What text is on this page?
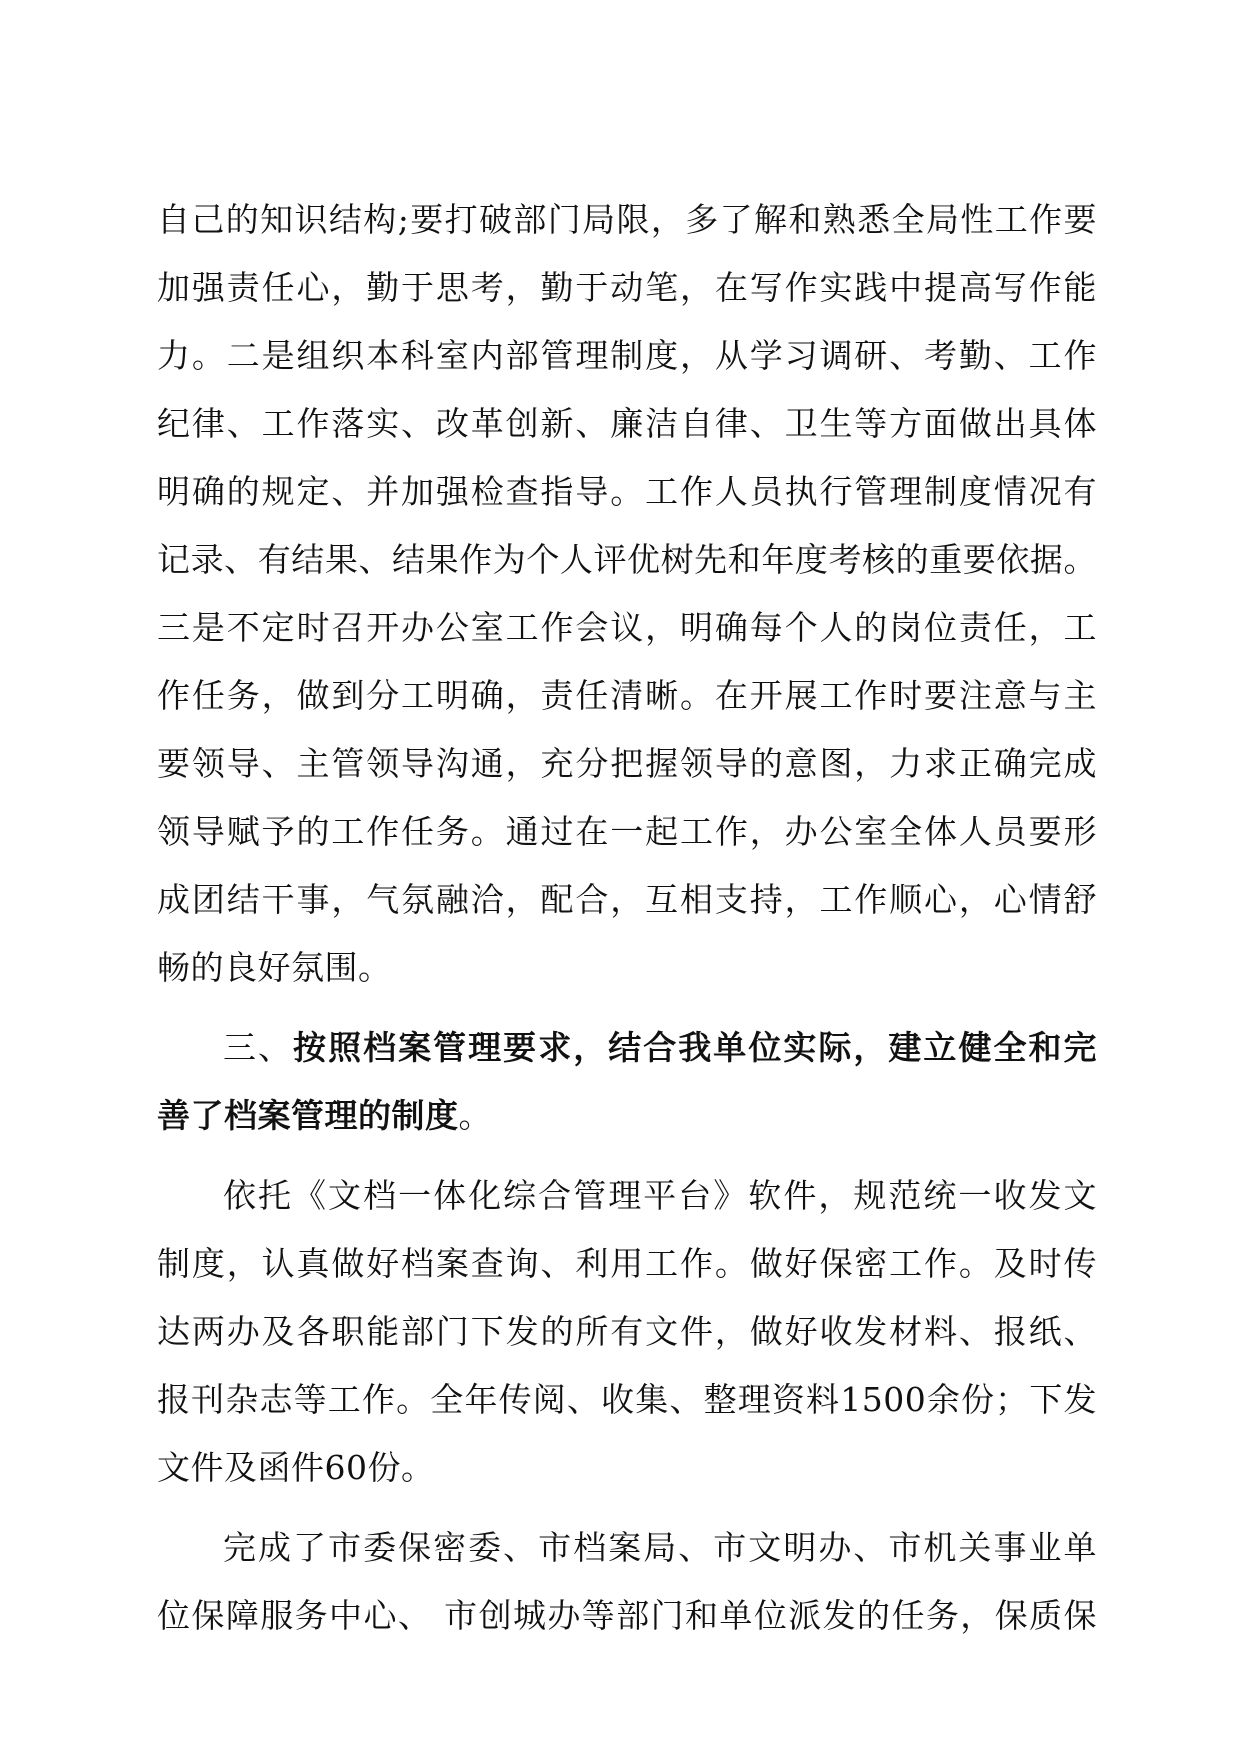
自己的知识结构;要打破部门局限，多了解和熟悉全局性工作要
加强责任心，勤于思考，勤于动笔，在写作实践中提高写作能
力。二是组织本科室内部管理制度，从学习调研、考勤、工作
纪律、工作落实、改革创新、廉洁自律、卫生等方面做出具体
明确的规定、并加强检查指导。工作人员执行管理制度情况有
记录、有结果、结果作为个人评优树先和年度考核的重要依据。
三是不定时召开办公室工作会议，明确每个人的岗位责任，工
作任务，做到分工明确，责任清晰。在开展工作时要注意与主
要领导、主管领导沟通，充分把握领导的意图，力求正确完成
领导赋予的工作任务。通过在一起工作，办公室全体人员要形
成团结干事，气氛融洽，配合，互相支持，工作顺心，心情舒
畅的良好氛围。
三、按照档案管理要求，结合我单位实际，建立健全和完
善了档案管理的制度。
依托《文档一体化综合管理平台》软件，规范统一收发文
制度，认真做好档案查询、利用工作。做好保密工作。及时传
达两办及各职能部门下发的所有文件，做好收发材料、报纸、
报刊杂志等工作。全年传阅、收集、整理资料1500余份；下发
文件及函件60份。
完成了市委保密委、市档案局、市文明办、市机关事业单
位保障服务中心、 市创城办等部门和单位派发的任务，保质保
